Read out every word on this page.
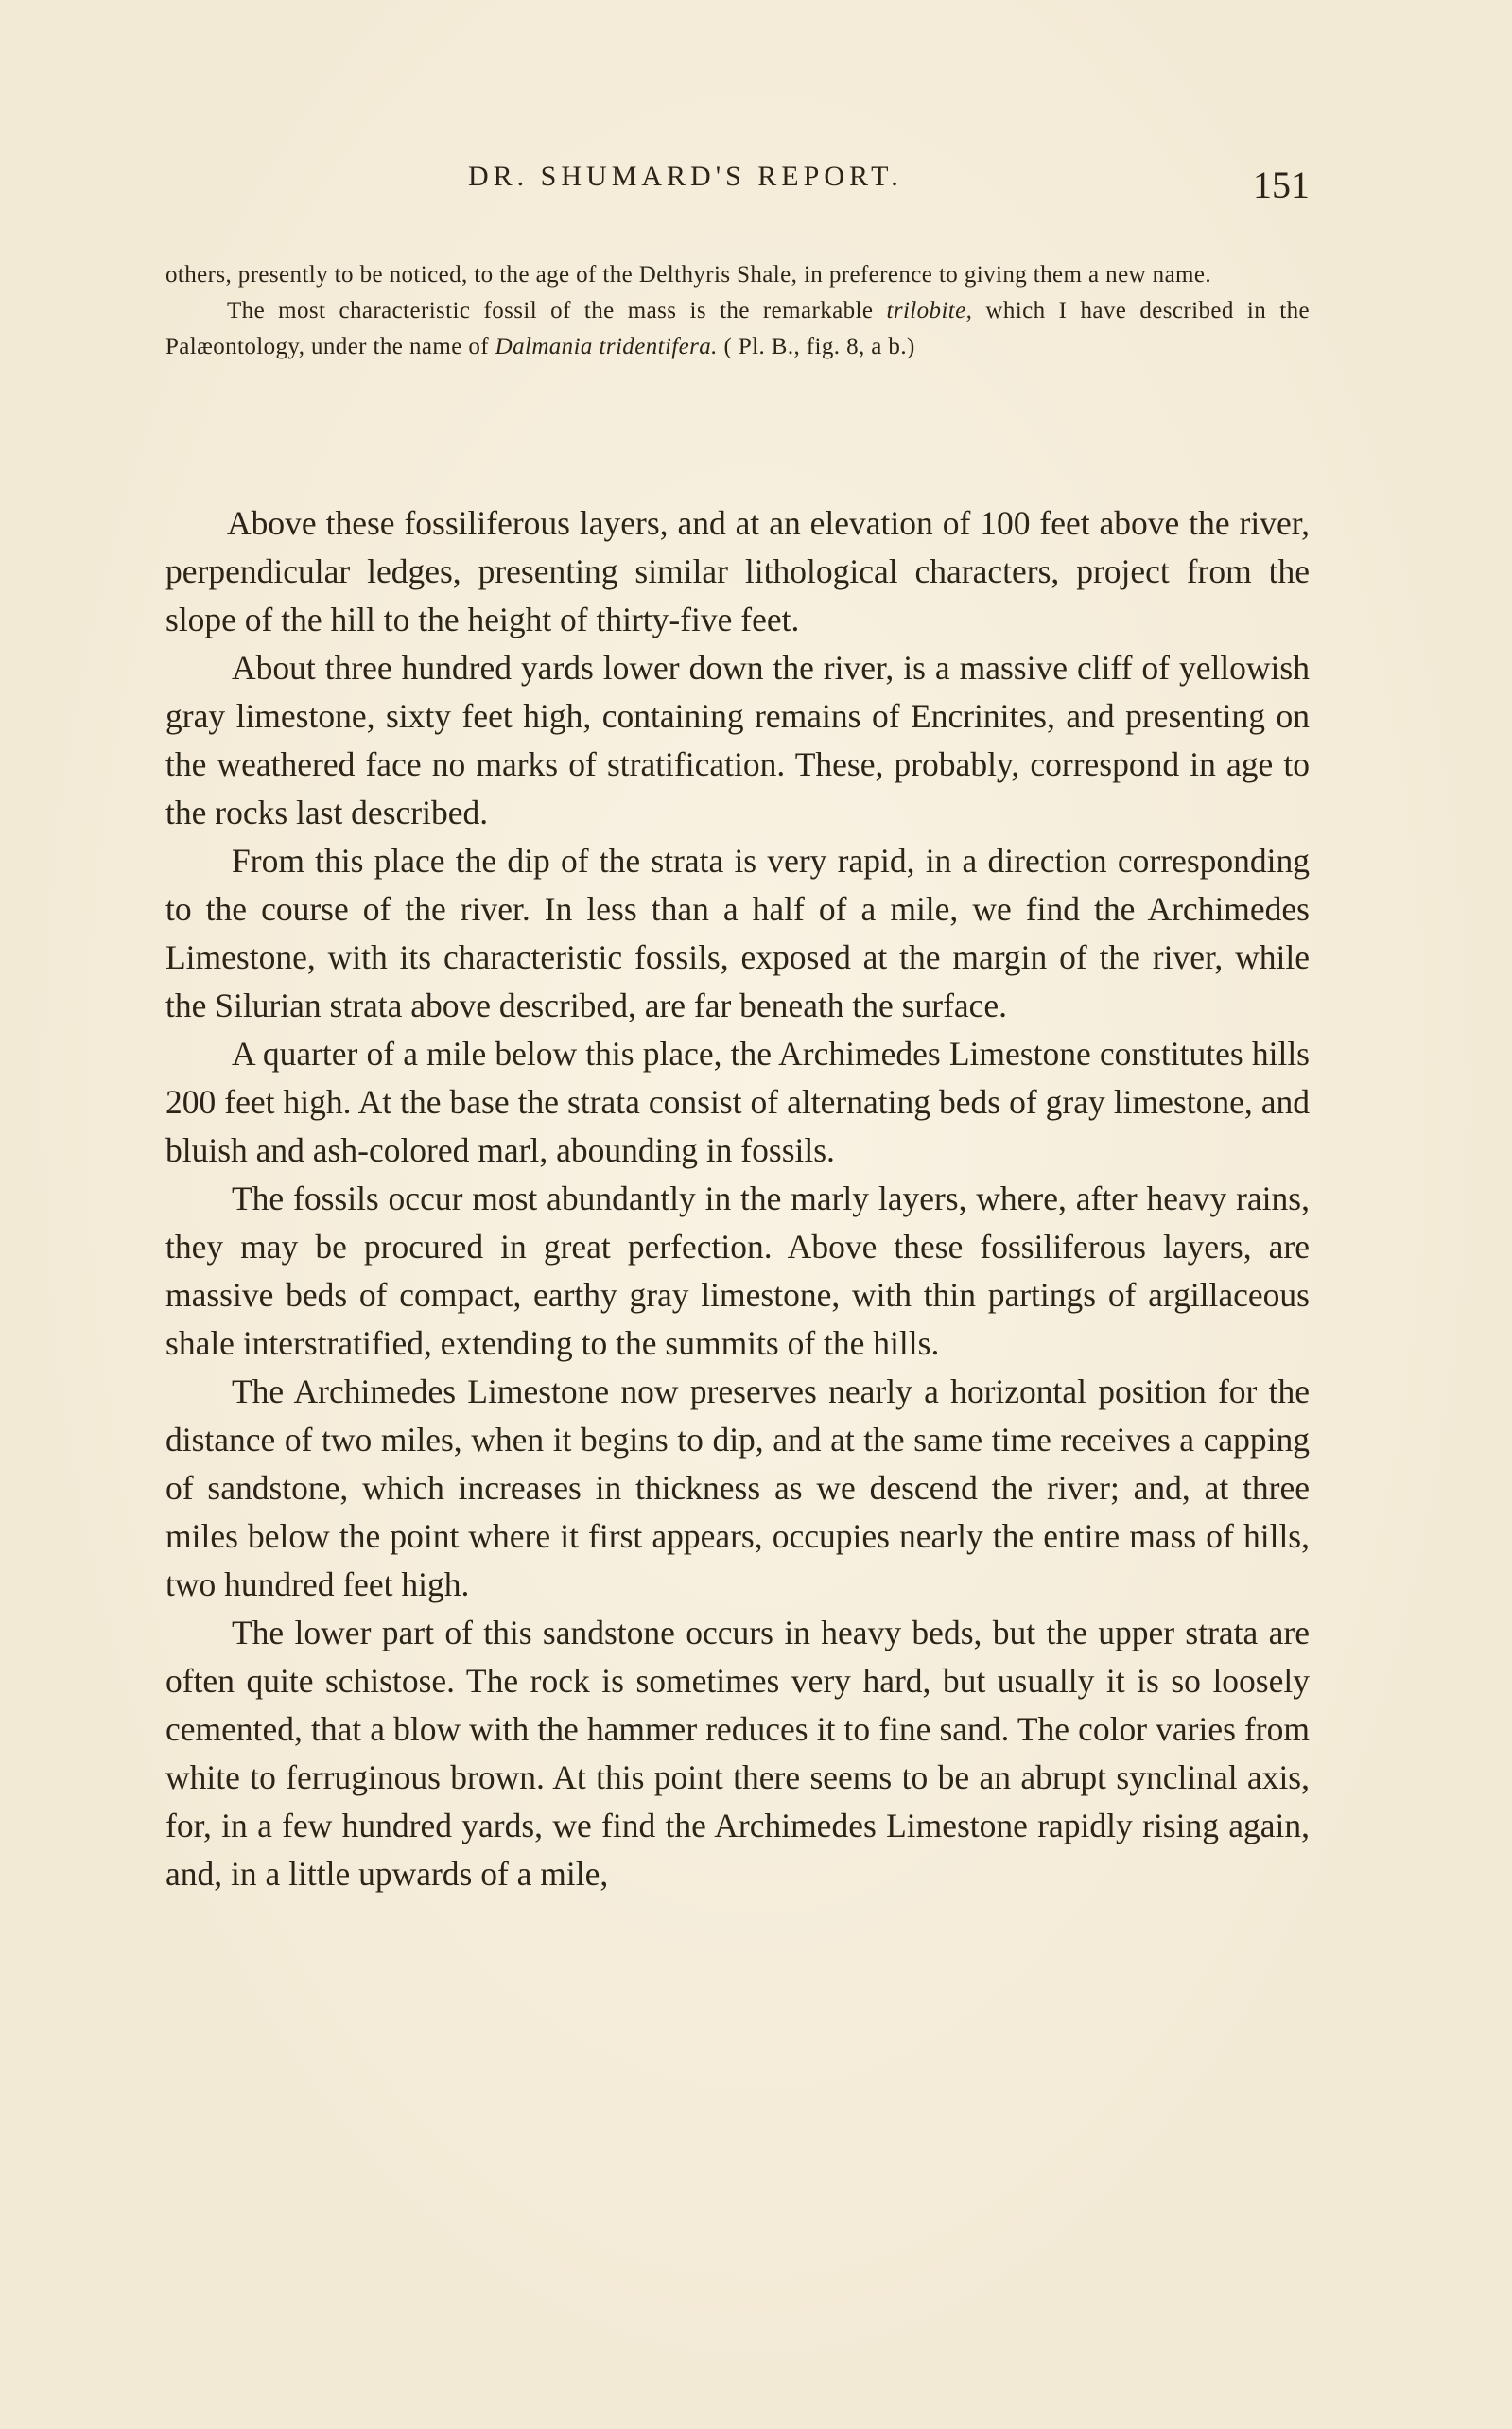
DR. SHUMARD'S REPORT.	151

others, presently to be noticed, to the age of the Delthyris Shale, in preference to giving them a new name.

The most characteristic fossil of the mass is the remarkable trilobite, which I have described in the Palæontology, under the name of Dalmania tridentifera. ( Pl. B., fig. 8, a b.)

Above these fossiliferous layers, and at an elevation of 100 feet above the river, perpendicular ledges, presenting similar lithological characters, project from the slope of the hill to the height of thirty-five feet.

About three hundred yards lower down the river, is a massive cliff of yellowish gray limestone, sixty feet high, containing remains of Encrinites, and presenting on the weathered face no marks of stratification. These, probably, correspond in age to the rocks last described.

From this place the dip of the strata is very rapid, in a direction corresponding to the course of the river. In less than a half of a mile, we find the Archimedes Limestone, with its characteristic fossils, exposed at the margin of the river, while the Silurian strata above described, are far beneath the surface.

A quarter of a mile below this place, the Archimedes Limestone constitutes hills 200 feet high. At the base the strata consist of alternating beds of gray limestone, and bluish and ash-colored marl, abounding in fossils.

The fossils occur most abundantly in the marly layers, where, after heavy rains, they may be procured in great perfection. Above these fossiliferous layers, are massive beds of compact, earthy gray limestone, with thin partings of argillaceous shale interstratified, extending to the summits of the hills.

The Archimedes Limestone now preserves nearly a horizontal position for the distance of two miles, when it begins to dip, and at the same time receives a capping of sandstone, which increases in thickness as we descend the river; and, at three miles below the point where it first appears, occupies nearly the entire mass of hills, two hundred feet high.

The lower part of this sandstone occurs in heavy beds, but the upper strata are often quite schistose. The rock is sometimes very hard, but usually it is so loosely cemented, that a blow with the hammer reduces it to fine sand. The color varies from white to ferruginous brown. At this point there seems to be an abrupt synclinal axis, for, in a few hundred yards, we find the Archimedes Limestone rapidly rising again, and, in a little upwards of a mile,
